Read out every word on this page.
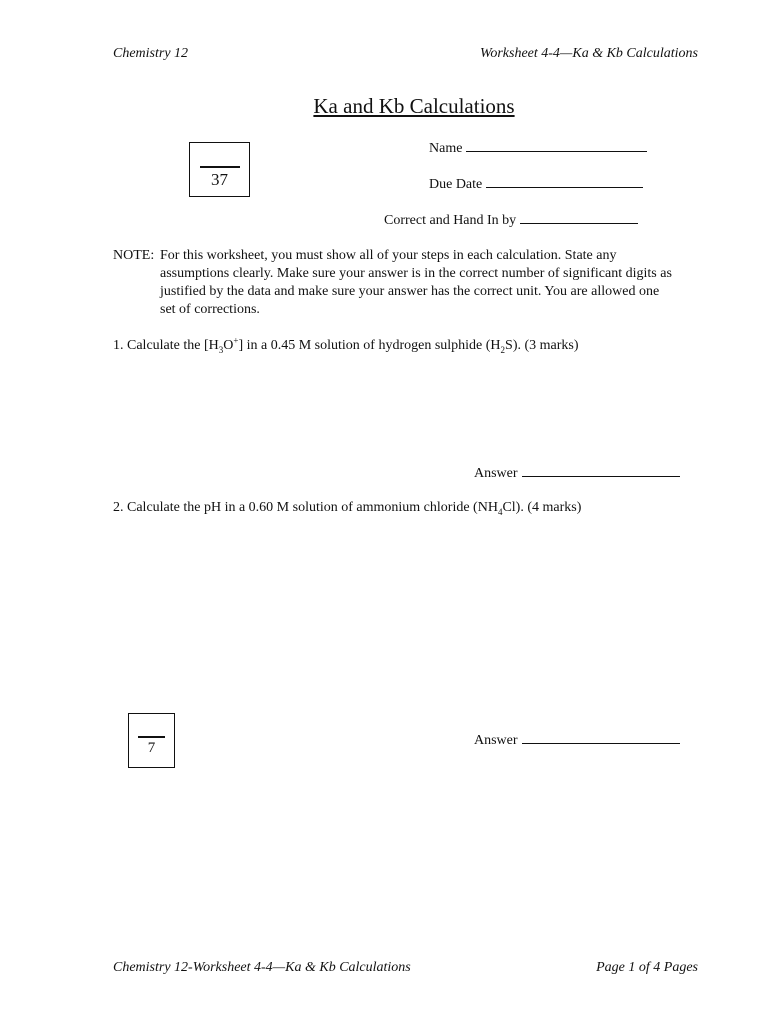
Chemistry 12	Worksheet 4-4—Ka & Kb Calculations
Ka and Kb Calculations
37
Name
Due Date
Correct and Hand In by
NOTE: For this worksheet, you must show all of your steps in each calculation. State any assumptions clearly. Make sure your answer is in the correct number of significant digits as justified by the data and make sure your answer has the correct unit. You are allowed one set of corrections.
1. Calculate the $[H_3O^+]$ in a 0.45 M solution of hydrogen sulphide $(H_2S)$. (3 marks)
Answer
2. Calculate the pH in a 0.60 M solution of ammonium chloride $(NH_4Cl)$. (4 marks)
7	Answer
Chemistry 12-Worksheet 4-4—Ka & Kb Calculations	Page 1 of 4 Pages
